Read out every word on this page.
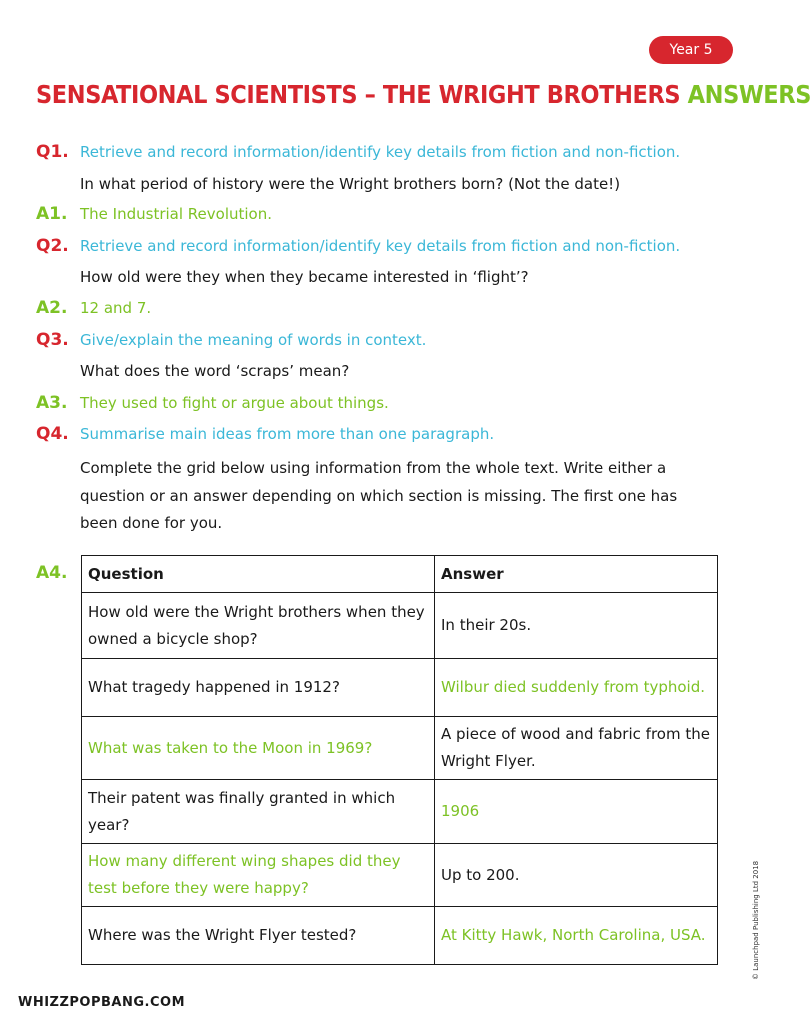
Year 5
SENSATIONAL SCIENTISTS – THE WRIGHT BROTHERS ANSWERS
Q1. Retrieve and record information/identify key details from fiction and non-fiction.
In what period of history were the Wright brothers born? (Not the date!)
A1. The Industrial Revolution.
Q2. Retrieve and record information/identify key details from fiction and non-fiction.
How old were they when they became interested in ‘flight’?
A2. 12 and 7.
Q3. Give/explain the meaning of words in context.
What does the word ‘scraps’ mean?
A3. They used to fight or argue about things.
Q4. Summarise main ideas from more than one paragraph.
Complete the grid below using information from the whole text. Write either a
question or an answer depending on which section is missing. The first one has
been done for you.
A4. Question	Answer
How old were the Wright brothers when they owned a bicycle shop?	In their 20s.
What tragedy happened in 1912?	Wilbur died suddenly from typhoid.
What was taken to the Moon in 1969?	A piece of wood and fabric from the Wright Flyer.
Their patent was finally granted in which year?	1906
How many different wing shapes did they test before they were happy?	Up to 200.
Where was the Wright Flyer tested?	At Kitty Hawk, North Carolina, USA.
WHIZZPOPBANG.COM
© Launchpad Publishing Ltd 2018
